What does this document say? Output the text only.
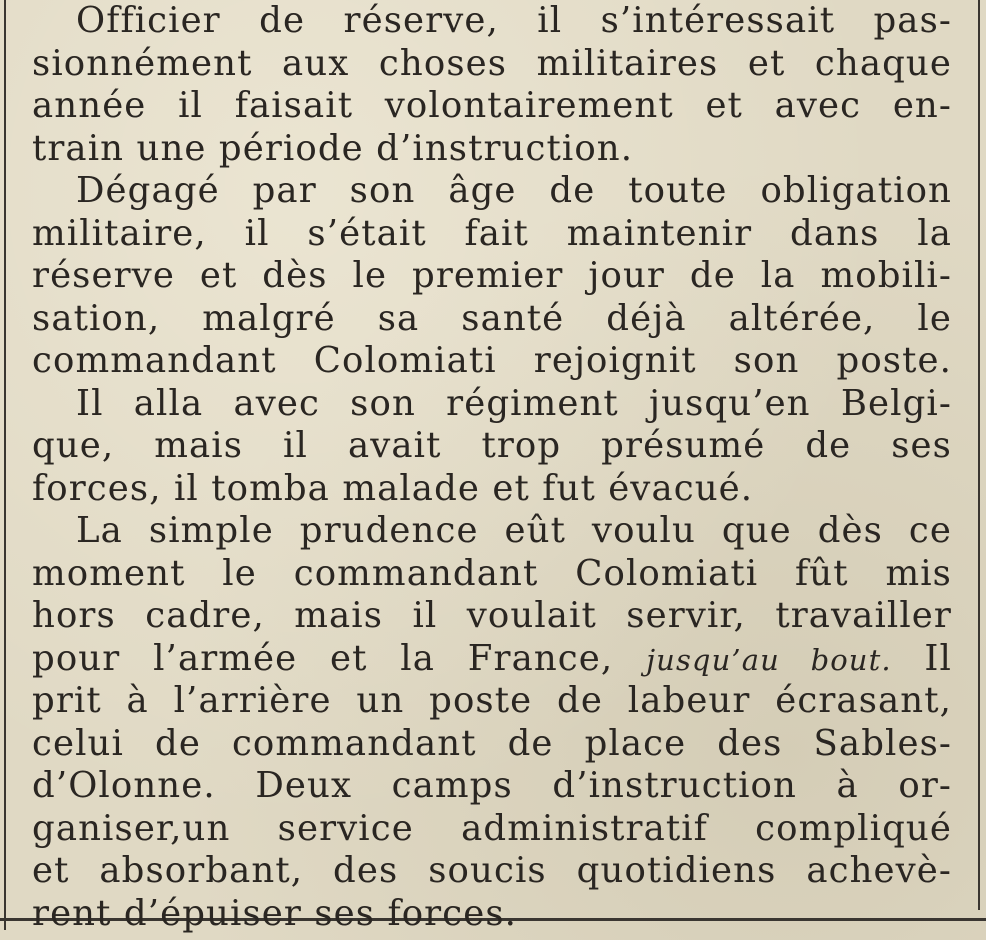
Officier de réserve, il s’intéressait pas-
sionnément aux choses militaires et chaque
année il faisait volontairement et avec en-
train une période d’instruction.
Dégagé par son âge de toute obligation
militaire, il s’était fait maintenir dans la
réserve et dès le premier jour de la mobili-
sation, malgré sa santé déjà altérée, le
commandant Colomiati rejoignit son poste.
Il alla avec son régiment jusqu’en Belgi-
que, mais il avait trop présumé de ses
forces, il tomba malade et fut évacué.
La simple prudence eût voulu que dès ce
moment le commandant Colomiati fût mis
hors cadre, mais il voulait servir, travailler
pour l’armée et la France, jusqu’au bout. Il
prit à l’arrière un poste de labeur écrasant,
celui de commandant de place des Sables-
d’Olonne. Deux camps d’instruction à or-
ganiser,un service administratif compliqué
et absorbant, des soucis quotidiens achevè-
rent d’épuiser ses forces.
